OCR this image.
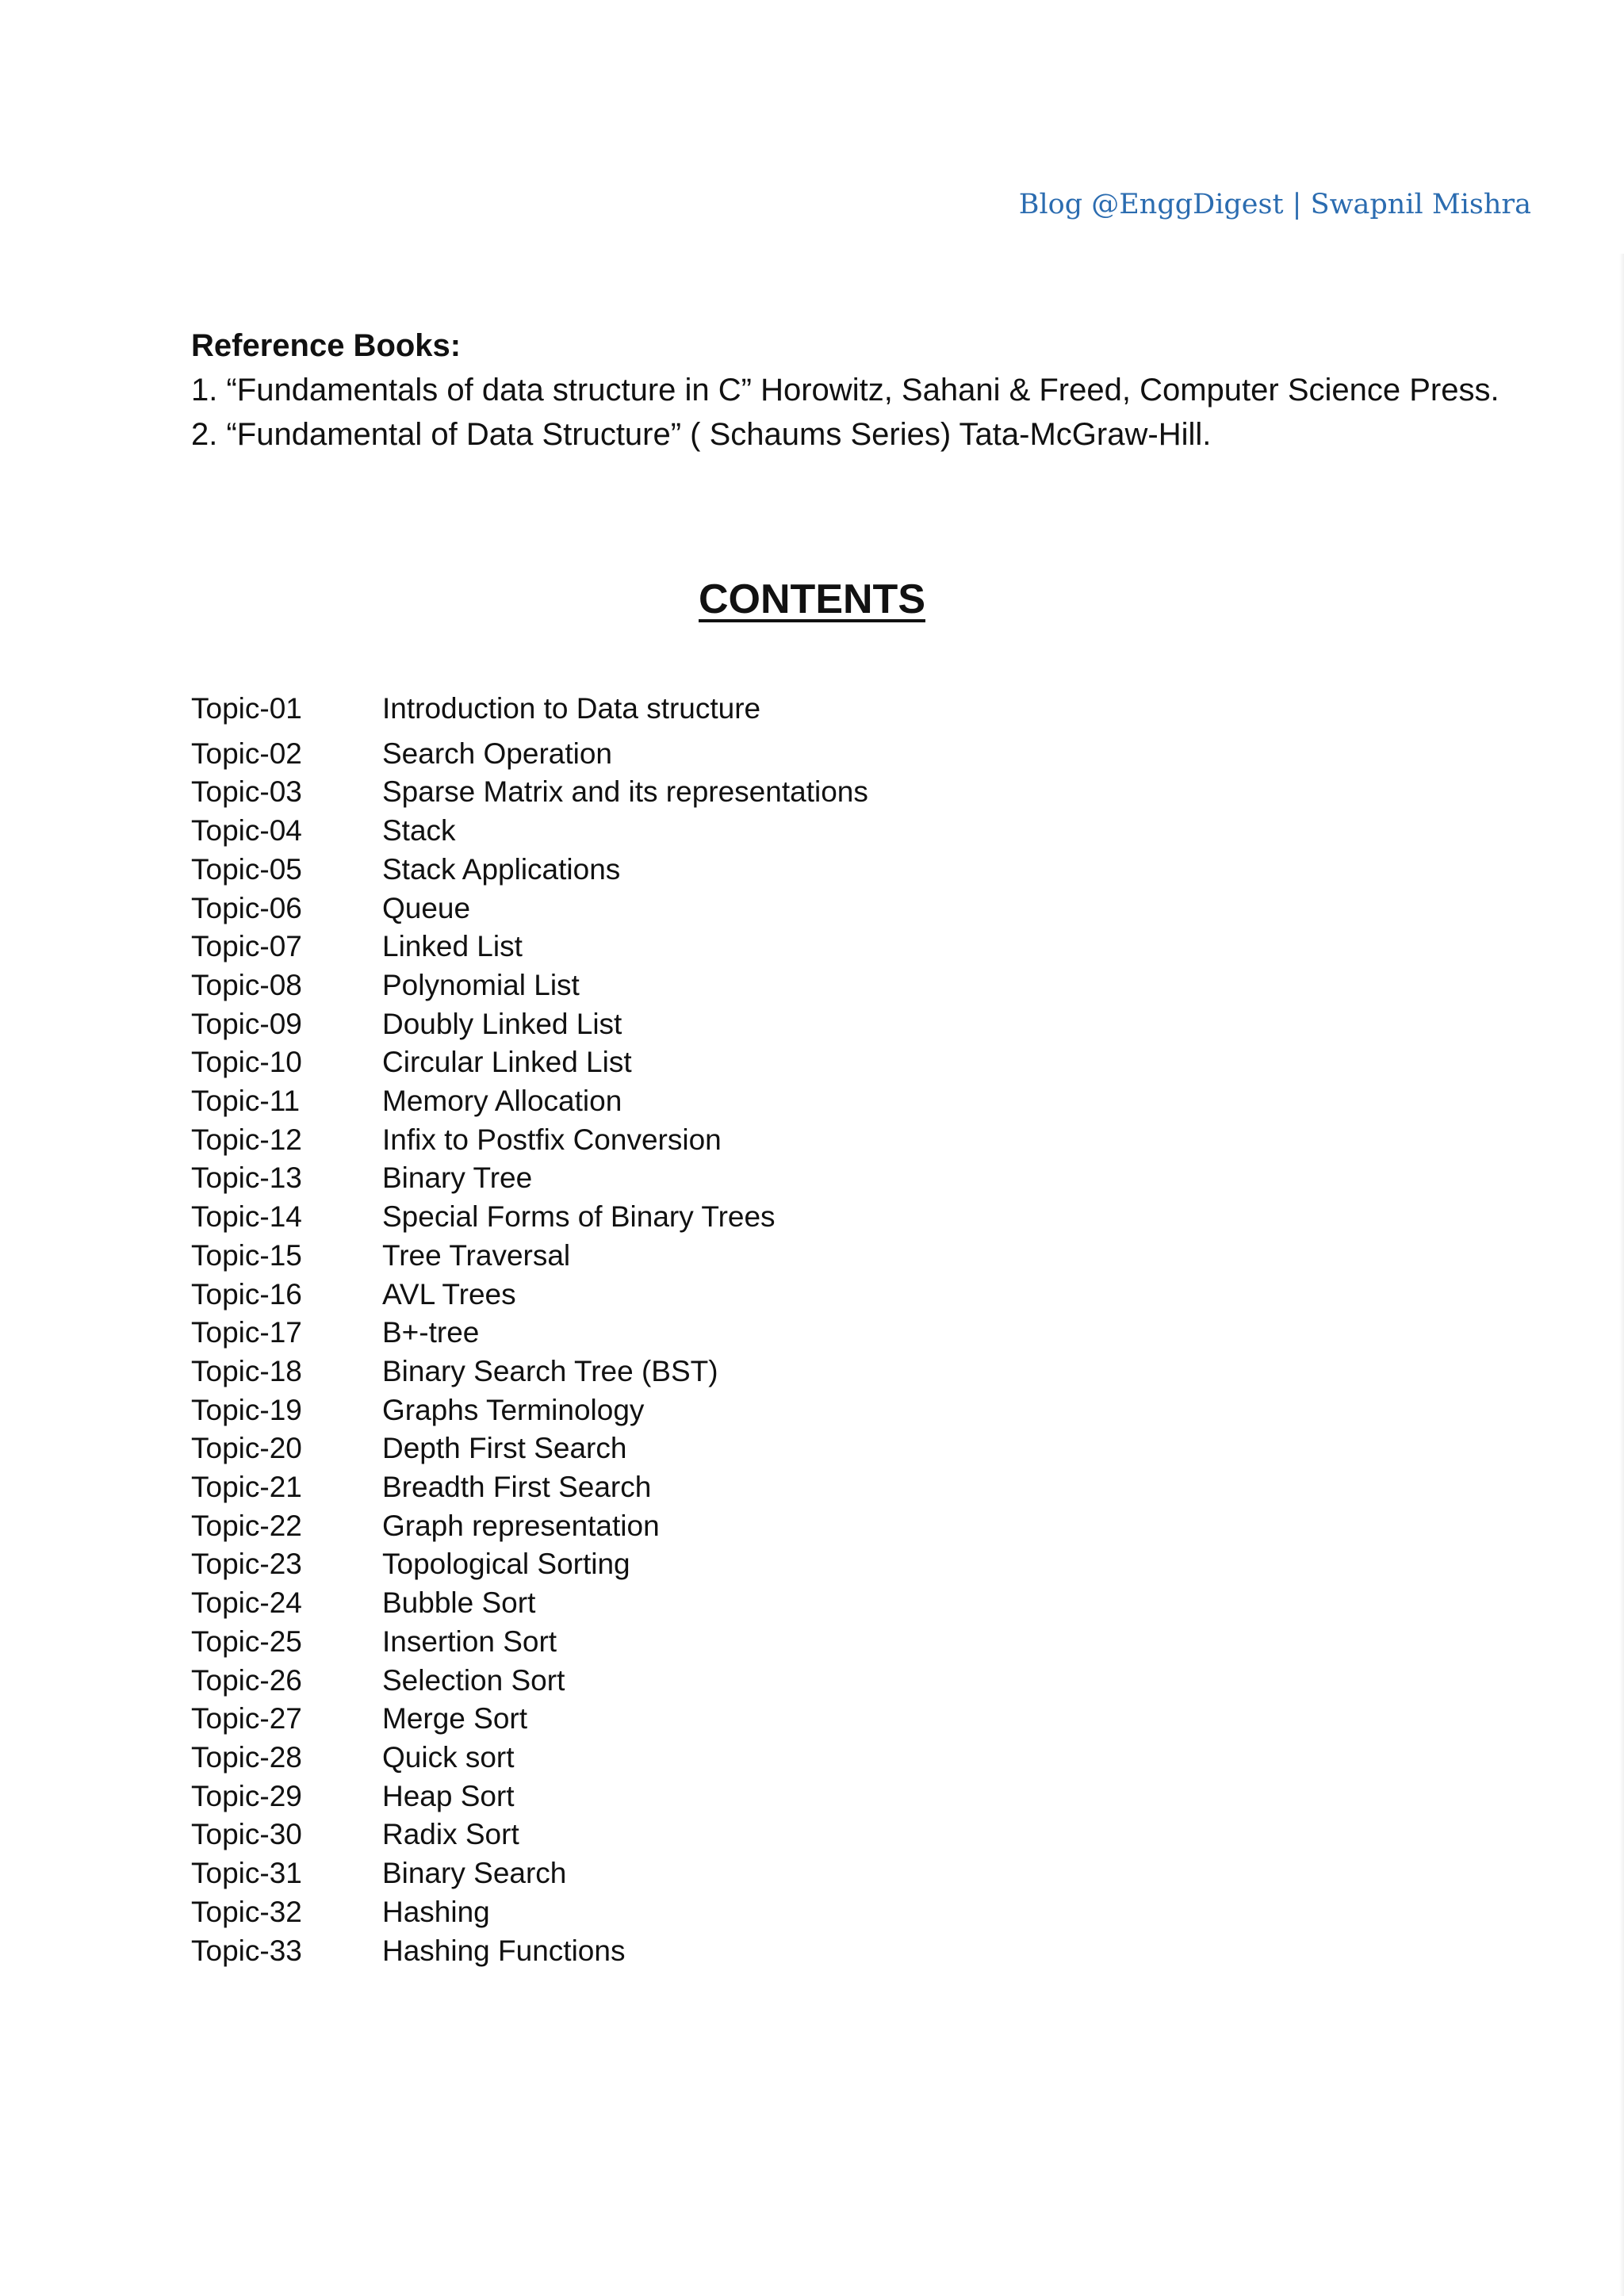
Blog @EnggDigest | Swapnil Mishra
Reference Books:
1. “Fundamentals of data structure in C” Horowitz, Sahani & Freed, Computer Science Press.
2. “Fundamental of Data Structure” ( Schaums Series) Tata-McGraw-Hill.
CONTENTS
Topic-01	Introduction to Data structure
Topic-02	Search Operation
Topic-03	Sparse Matrix and its representations
Topic-04	Stack
Topic-05	Stack Applications
Topic-06	Queue
Topic-07	Linked List
Topic-08	Polynomial List
Topic-09	Doubly Linked List
Topic-10	Circular Linked List
Topic-11	Memory Allocation
Topic-12	Infix to Postfix Conversion
Topic-13	Binary Tree
Topic-14	Special Forms of Binary Trees
Topic-15	Tree Traversal
Topic-16	AVL Trees
Topic-17	B+-tree
Topic-18	Binary Search Tree (BST)
Topic-19	Graphs Terminology
Topic-20	Depth First Search
Topic-21	Breadth First Search
Topic-22	Graph representation
Topic-23	Topological Sorting
Topic-24	Bubble Sort
Topic-25	Insertion Sort
Topic-26	Selection Sort
Topic-27	Merge Sort
Topic-28	Quick sort
Topic-29	Heap Sort
Topic-30	Radix Sort
Topic-31	Binary Search
Topic-32	Hashing
Topic-33	Hashing Functions
